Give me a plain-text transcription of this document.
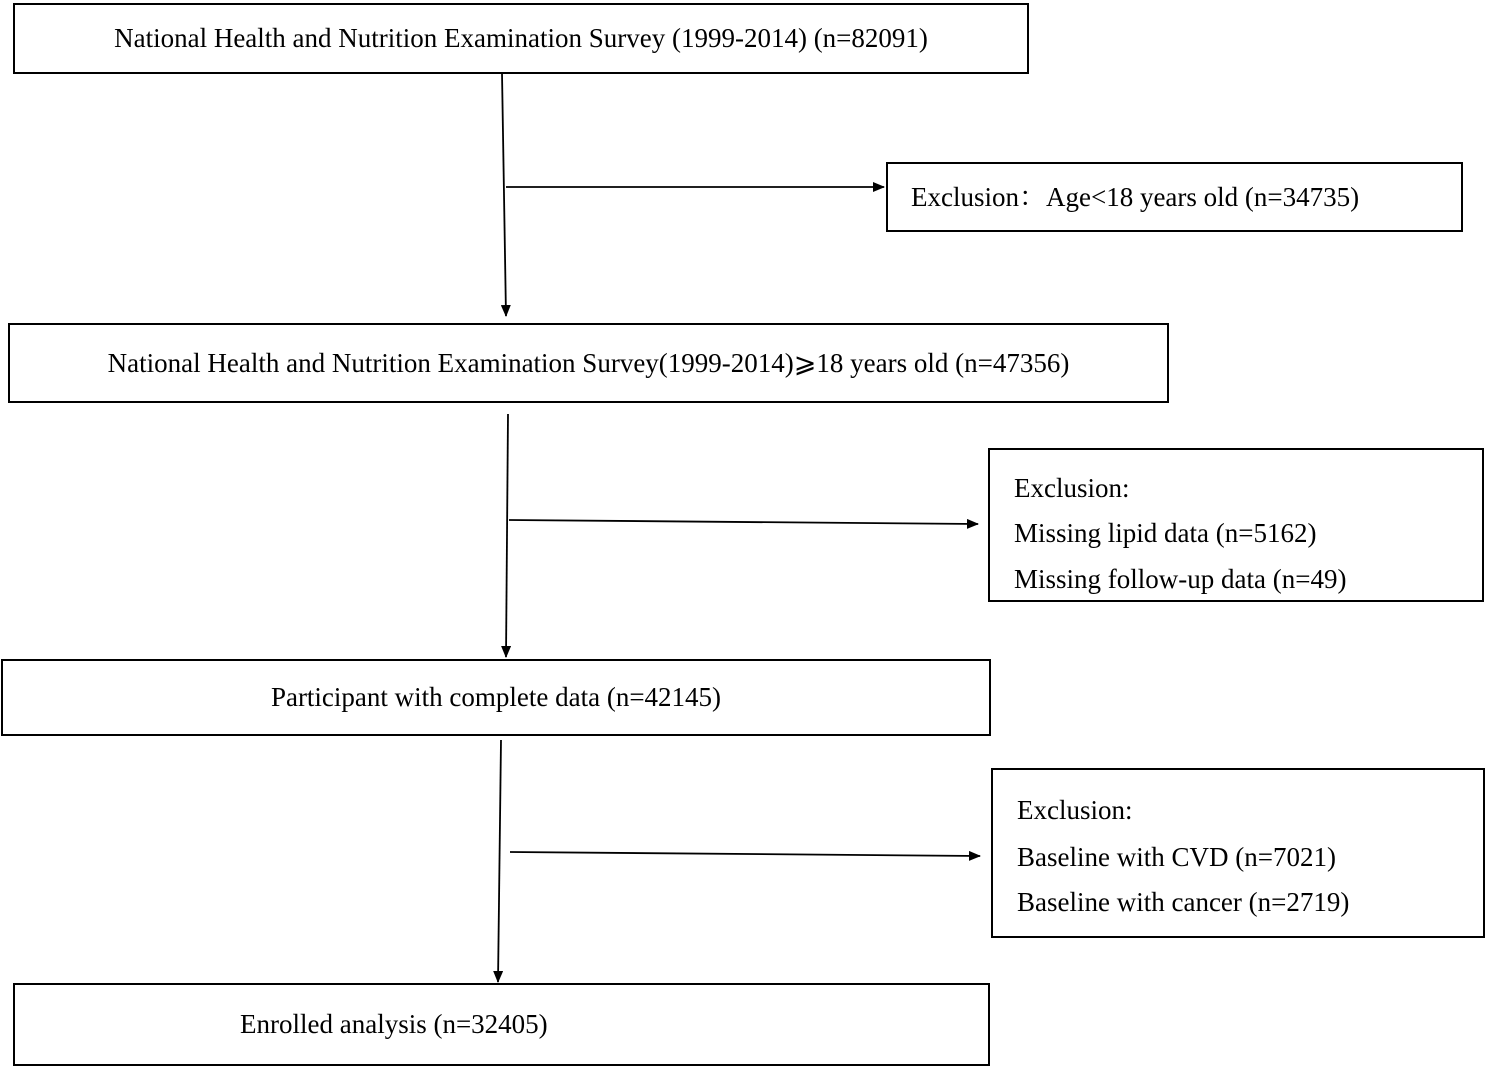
National Health and Nutrition Examination Survey (1999-2014) (n=82091)
Exclusion：Age<18 years old (n=34735)
National Health and Nutrition Examination Survey(1999-2014)⩾18 years old (n=47356)
Exclusion:
Missing lipid data (n=5162)
Missing follow-up data (n=49)
Participant with complete data (n=42145)
Exclusion:
Baseline with CVD (n=7021)
Baseline with cancer (n=2719)
Enrolled analysis (n=32405)
